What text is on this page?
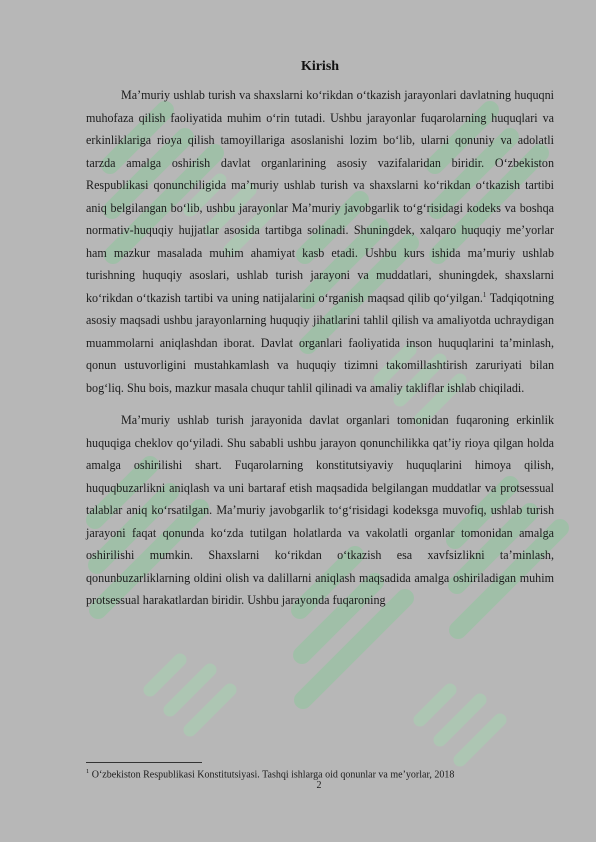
Kirish

Ma’muriy ushlab turish va shaxslarni ko‘rikdan o‘tkazish jarayonlari davlatning huquqni muhofaza qilish faoliyatida muhim o‘rin tutadi. Ushbu jarayonlar fuqarolarning huquqlari va erkinliklariga rioya qilish tamoyillariga asoslanishi lozim bo‘lib, ularni qonuniy va adolatli tarzda amalga oshirish davlat organlarining asosiy vazifalaridan biridir. O‘zbekiston Respublikasi qonunchiligida ma’muriy ushlab turish va shaxslarni ko‘rikdan o‘tkazish tartibi aniq belgilangan bo‘lib, ushbu jarayonlar Ma’muriy javobgarlik to‘g‘risidagi kodeks va boshqa normativ-huquqiy hujjatlar asosida tartibga solinadi. Shuningdek, xalqaro huquqiy me’yorlar ham mazkur masalada muhim ahamiyat kasb etadi. Ushbu kurs ishida ma’muriy ushlab turishning huquqiy asoslari, ushlab turish jarayoni va muddatlari, shuningdek, shaxslarni ko‘rikdan o‘tkazish tartibi va uning natijalarini o‘rganish maqsad qilib qo‘yilgan.$^1$ Tadqiqotning asosiy maqsadi ushbu jarayonlarning huquqiy jihatlarini tahlil qilish va amaliyotda uchraydigan muammolarni aniqlashdan iborat. Davlat organlari faoliyatida inson huquqlarini ta’minlash, qonun ustuvorligini mustahkamlash va huquqiy tizimni takomillashtirish zaruriyati bilan bog‘liq. Shu bois, mazkur masala chuqur tahlil qilinadi va amaliy takliflar ishlab chiqiladi.

Ma’muriy ushlab turish jarayonida davlat organlari tomonidan fuqaroning erkinlik huquqiga cheklov qo‘yiladi. Shu sababli ushbu jarayon qonunchilikka qat’iy rioya qilgan holda amalga oshirilishi shart. Fuqarolarning konstitutsiyaviy huquqlarini himoya qilish, huquqbuzarlikni aniqlash va uni bartaraf etish maqsadida belgilangan muddatlar va protsessual talablar aniq ko‘rsatilgan. Ma’muriy javobgarlik to‘g‘risidagi kodeksga muvofiq, ushlab turish jarayoni faqat qonunda ko‘zda tutilgan holatlarda va vakolatli organlar tomonidan amalga oshirilishi mumkin. Shaxslarni ko‘rikdan o‘tkazish esa xavfsizlikni ta’minlash, qonunbuzarliklarning oldini olish va dalillarni aniqlash maqsadida amalga oshiriladigan muhim protsessual harakatlardan biridir. Ushbu jarayonda fuqaroning

$^1$ O‘zbekiston Respublikasi Konstitutsiyasi. Tashqi ishlarga oid qonunlar va me’yorlar, 2018
2
